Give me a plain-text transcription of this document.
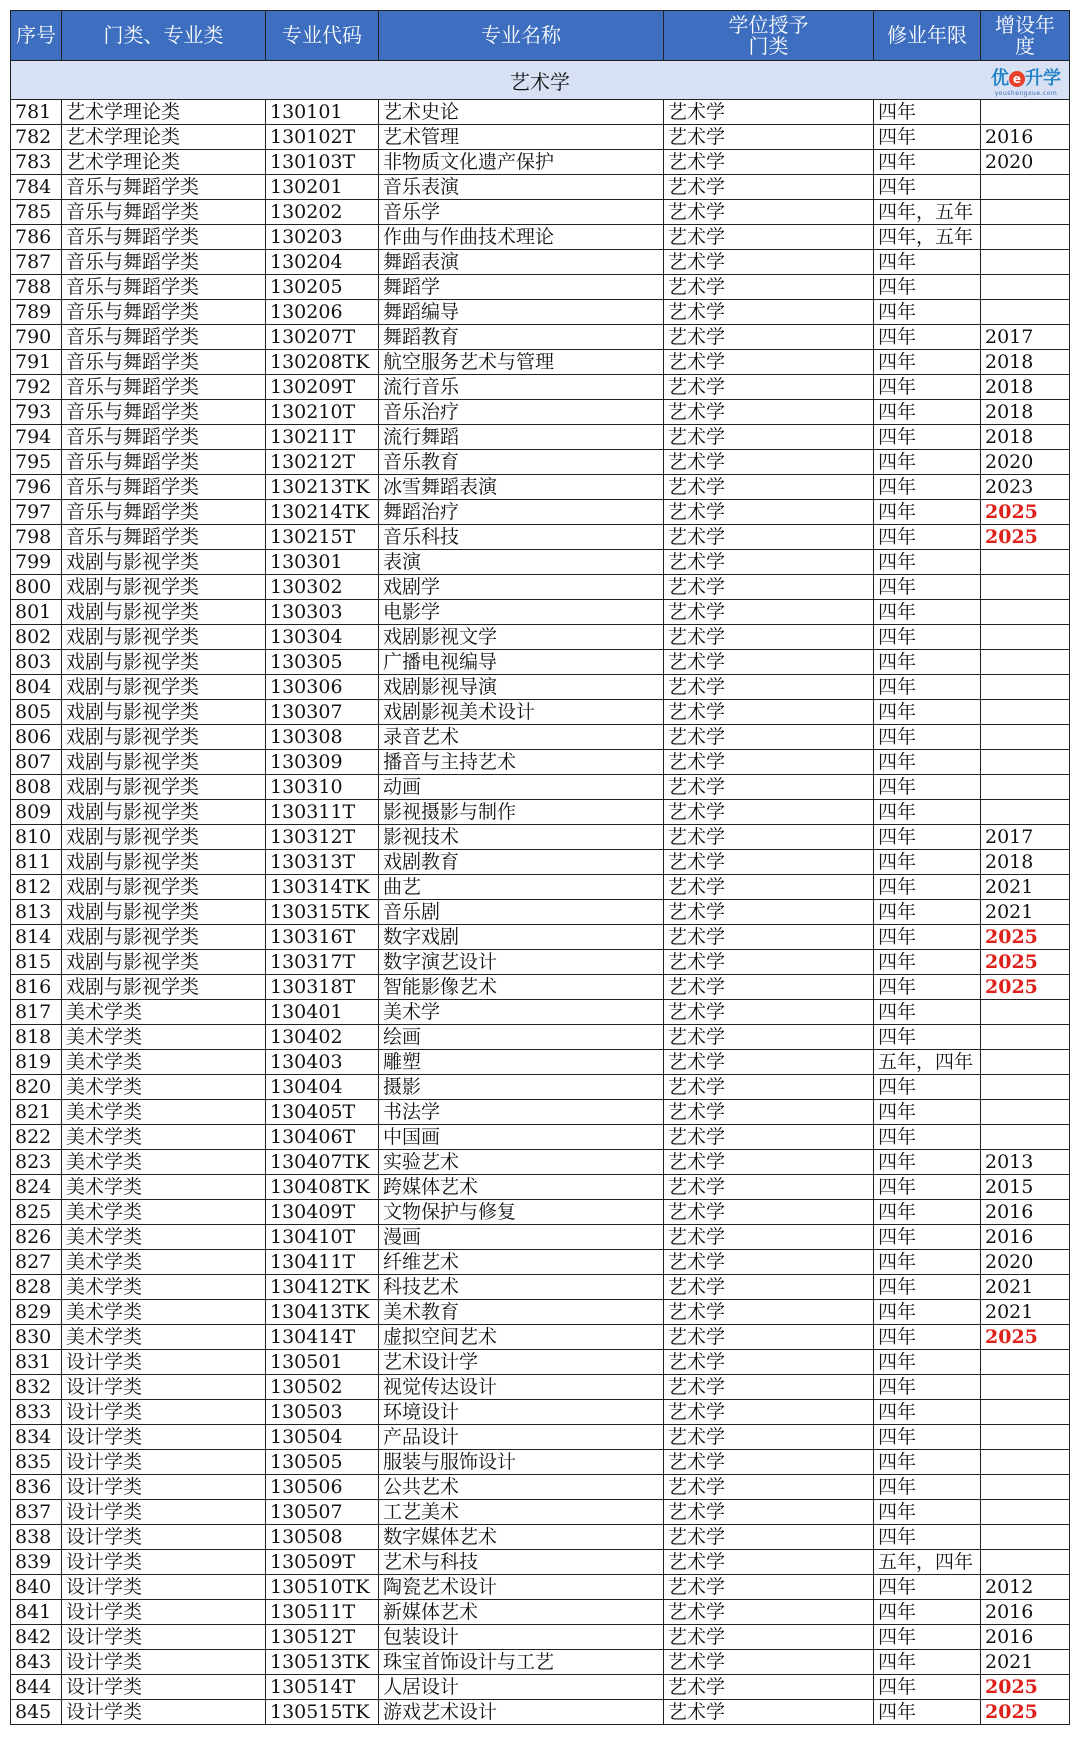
序号	门类、专业类	专业代码	专业名称	学位授予门类	修业年限	增设年度
艺术学 优 e 升学
youshengxue.com						

781	艺术学理论类	130101	艺术史论	艺术学	四年	
782	艺术学理论类	130102T	艺术管理	艺术学	四年	2016
783	艺术学理论类	130103T	非物质文化遗产保护	艺术学	四年	2020
784	音乐与舞蹈学类	130201	音乐表演	艺术学	四年	
785	音乐与舞蹈学类	130202	音乐学	艺术学	四年，五年	
786	音乐与舞蹈学类	130203	作曲与作曲技术理论	艺术学	四年，五年	
787	音乐与舞蹈学类	130204	舞蹈表演	艺术学	四年	
788	音乐与舞蹈学类	130205	舞蹈学	艺术学	四年	
789	音乐与舞蹈学类	130206	舞蹈编导	艺术学	四年	
790	音乐与舞蹈学类	130207T	舞蹈教育	艺术学	四年	2017
791	音乐与舞蹈学类	130208TK	航空服务艺术与管理	艺术学	四年	2018
792	音乐与舞蹈学类	130209T	流行音乐	艺术学	四年	2018
793	音乐与舞蹈学类	130210T	音乐治疗	艺术学	四年	2018
794	音乐与舞蹈学类	130211T	流行舞蹈	艺术学	四年	2018
795	音乐与舞蹈学类	130212T	音乐教育	艺术学	四年	2020
796	音乐与舞蹈学类	130213TK	冰雪舞蹈表演	艺术学	四年	2023
797	音乐与舞蹈学类	130214TK	舞蹈治疗	艺术学	四年	2025
798	音乐与舞蹈学类	130215T	音乐科技	艺术学	四年	2025
799	戏剧与影视学类	130301	表演	艺术学	四年	
800	戏剧与影视学类	130302	戏剧学	艺术学	四年	
801	戏剧与影视学类	130303	电影学	艺术学	四年	
802	戏剧与影视学类	130304	戏剧影视文学	艺术学	四年	
803	戏剧与影视学类	130305	广播电视编导	艺术学	四年	
804	戏剧与影视学类	130306	戏剧影视导演	艺术学	四年	
805	戏剧与影视学类	130307	戏剧影视美术设计	艺术学	四年	
806	戏剧与影视学类	130308	录音艺术	艺术学	四年	
807	戏剧与影视学类	130309	播音与主持艺术	艺术学	四年	
808	戏剧与影视学类	130310	动画	艺术学	四年	
809	戏剧与影视学类	130311T	影视摄影与制作	艺术学	四年	
810	戏剧与影视学类	130312T	影视技术	艺术学	四年	2017
811	戏剧与影视学类	130313T	戏剧教育	艺术学	四年	2018
812	戏剧与影视学类	130314TK	曲艺	艺术学	四年	2021
813	戏剧与影视学类	130315TK	音乐剧	艺术学	四年	2021
814	戏剧与影视学类	130316T	数字戏剧	艺术学	四年	2025
815	戏剧与影视学类	130317T	数字演艺设计	艺术学	四年	2025
816	戏剧与影视学类	130318T	智能影像艺术	艺术学	四年	2025
817	美术学类	130401	美术学	艺术学	四年	
818	美术学类	130402	绘画	艺术学	四年	
819	美术学类	130403	雕塑	艺术学	五年，四年	
820	美术学类	130404	摄影	艺术学	四年	
821	美术学类	130405T	书法学	艺术学	四年	
822	美术学类	130406T	中国画	艺术学	四年	
823	美术学类	130407TK	实验艺术	艺术学	四年	2013
824	美术学类	130408TK	跨媒体艺术	艺术学	四年	2015
825	美术学类	130409T	文物保护与修复	艺术学	四年	2016
826	美术学类	130410T	漫画	艺术学	四年	2016
827	美术学类	130411T	纤维艺术	艺术学	四年	2020
828	美术学类	130412TK	科技艺术	艺术学	四年	2021
829	美术学类	130413TK	美术教育	艺术学	四年	2021
830	美术学类	130414T	虚拟空间艺术	艺术学	四年	2025
831	设计学类	130501	艺术设计学	艺术学	四年	
832	设计学类	130502	视觉传达设计	艺术学	四年	
833	设计学类	130503	环境设计	艺术学	四年	
834	设计学类	130504	产品设计	艺术学	四年	
835	设计学类	130505	服装与服饰设计	艺术学	四年	
836	设计学类	130506	公共艺术	艺术学	四年	
837	设计学类	130507	工艺美术	艺术学	四年	
838	设计学类	130508	数字媒体艺术	艺术学	四年	
839	设计学类	130509T	艺术与科技	艺术学	五年，四年	
840	设计学类	130510TK	陶瓷艺术设计	艺术学	四年	2012
841	设计学类	130511T	新媒体艺术	艺术学	四年	2016
842	设计学类	130512T	包装设计	艺术学	四年	2016
843	设计学类	130513TK	珠宝首饰设计与工艺	艺术学	四年	2021
844	设计学类	130514T	人居设计	艺术学	四年	2025
845	设计学类	130515TK	游戏艺术设计	艺术学	四年	2025
